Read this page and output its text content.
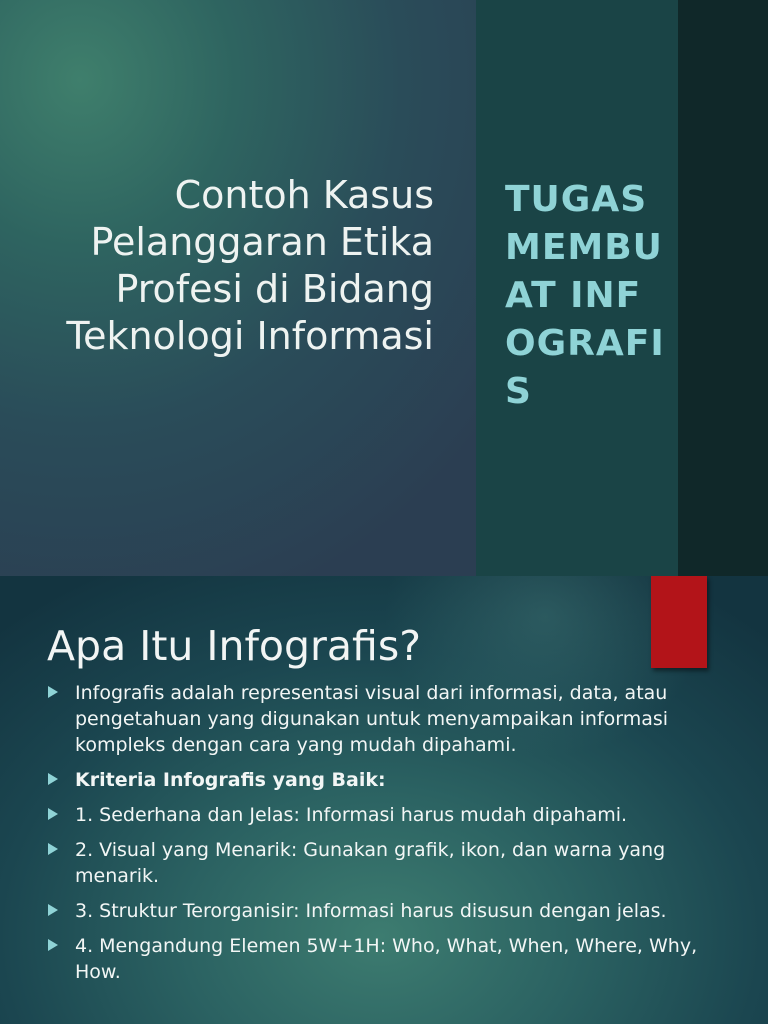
Contoh Kasus Pelanggaran Etika Profesi di Bidang Teknologi Informasi
TUGAS MEMBUAT INFOGRAFIS
Apa Itu Infografis?
Infografis adalah representasi visual dari informasi, data, atau pengetahuan yang digunakan untuk menyampaikan informasi kompleks dengan cara yang mudah dipahami.
Kriteria Infografis yang Baik:
1. Sederhana dan Jelas: Informasi harus mudah dipahami.
2. Visual yang Menarik: Gunakan grafik, ikon, dan warna yang menarik.
3. Struktur Terorganisir: Informasi harus disusun dengan jelas.
4. Mengandung Elemen 5W+1H: Who, What, When, Where, Why, How.
